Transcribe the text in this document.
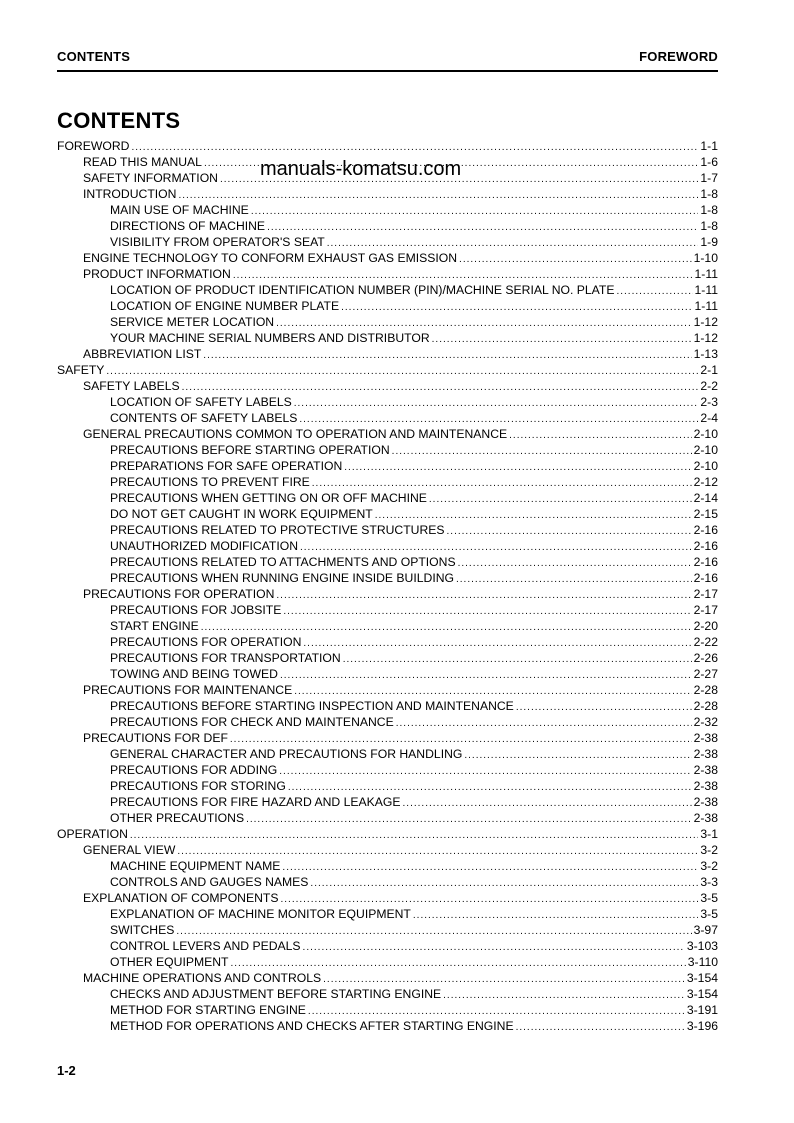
CONTENTS	FOREWORD
CONTENTS
FOREWORD .....	1-1
READ THIS MANUAL .....	1-6
SAFETY INFORMATION .....	1-7
INTRODUCTION .....	1-8
MAIN USE OF MACHINE .....	1-8
DIRECTIONS OF MACHINE .....	1-8
VISIBILITY FROM OPERATOR'S SEAT .....	1-9
ENGINE TECHNOLOGY TO CONFORM EXHAUST GAS EMISSION .....	1-10
PRODUCT INFORMATION .....	1-11
LOCATION OF PRODUCT IDENTIFICATION NUMBER (PIN)/MACHINE SERIAL NO. PLATE .....	1-11
LOCATION OF ENGINE NUMBER PLATE .....	1-11
SERVICE METER LOCATION .....	1-12
YOUR MACHINE SERIAL NUMBERS AND DISTRIBUTOR .....	1-12
ABBREVIATION LIST .....	1-13
SAFETY .....	2-1
SAFETY LABELS .....	2-2
LOCATION OF SAFETY LABELS .....	2-3
CONTENTS OF SAFETY LABELS .....	2-4
GENERAL PRECAUTIONS COMMON TO OPERATION AND MAINTENANCE .....	2-10
PRECAUTIONS BEFORE STARTING OPERATION .....	2-10
PREPARATIONS FOR SAFE OPERATION .....	2-10
PRECAUTIONS TO PREVENT FIRE .....	2-12
PRECAUTIONS WHEN GETTING ON OR OFF MACHINE .....	2-14
DO NOT GET CAUGHT IN WORK EQUIPMENT .....	2-15
PRECAUTIONS RELATED TO PROTECTIVE STRUCTURES .....	2-16
UNAUTHORIZED MODIFICATION .....	2-16
PRECAUTIONS RELATED TO ATTACHMENTS AND OPTIONS .....	2-16
PRECAUTIONS WHEN RUNNING ENGINE INSIDE BUILDING .....	2-16
PRECAUTIONS FOR OPERATION .....	2-17
PRECAUTIONS FOR JOBSITE .....	2-17
START ENGINE .....	2-20
PRECAUTIONS FOR OPERATION .....	2-22
PRECAUTIONS FOR TRANSPORTATION .....	2-26
TOWING AND BEING TOWED .....	2-27
PRECAUTIONS FOR MAINTENANCE .....	2-28
PRECAUTIONS BEFORE STARTING INSPECTION AND MAINTENANCE .....	2-28
PRECAUTIONS FOR CHECK AND MAINTENANCE .....	2-32
PRECAUTIONS FOR DEF .....	2-38
GENERAL CHARACTER AND PRECAUTIONS FOR HANDLING .....	2-38
PRECAUTIONS FOR ADDING .....	2-38
PRECAUTIONS FOR STORING .....	2-38
PRECAUTIONS FOR FIRE HAZARD AND LEAKAGE .....	2-38
OTHER PRECAUTIONS .....	2-38
OPERATION .....	3-1
GENERAL VIEW .....	3-2
MACHINE EQUIPMENT NAME .....	3-2
CONTROLS AND GAUGES NAMES .....	3-3
EXPLANATION OF COMPONENTS .....	3-5
EXPLANATION OF MACHINE MONITOR EQUIPMENT .....	3-5
SWITCHES .....	3-97
CONTROL LEVERS AND PEDALS .....	3-103
OTHER EQUIPMENT .....	3-110
MACHINE OPERATIONS AND CONTROLS .....	3-154
CHECKS AND ADJUSTMENT BEFORE STARTING ENGINE .....	3-154
METHOD FOR STARTING ENGINE .....	3-191
METHOD FOR OPERATIONS AND CHECKS AFTER STARTING ENGINE .....	3-196
manuals-komatsu.com
1-2
